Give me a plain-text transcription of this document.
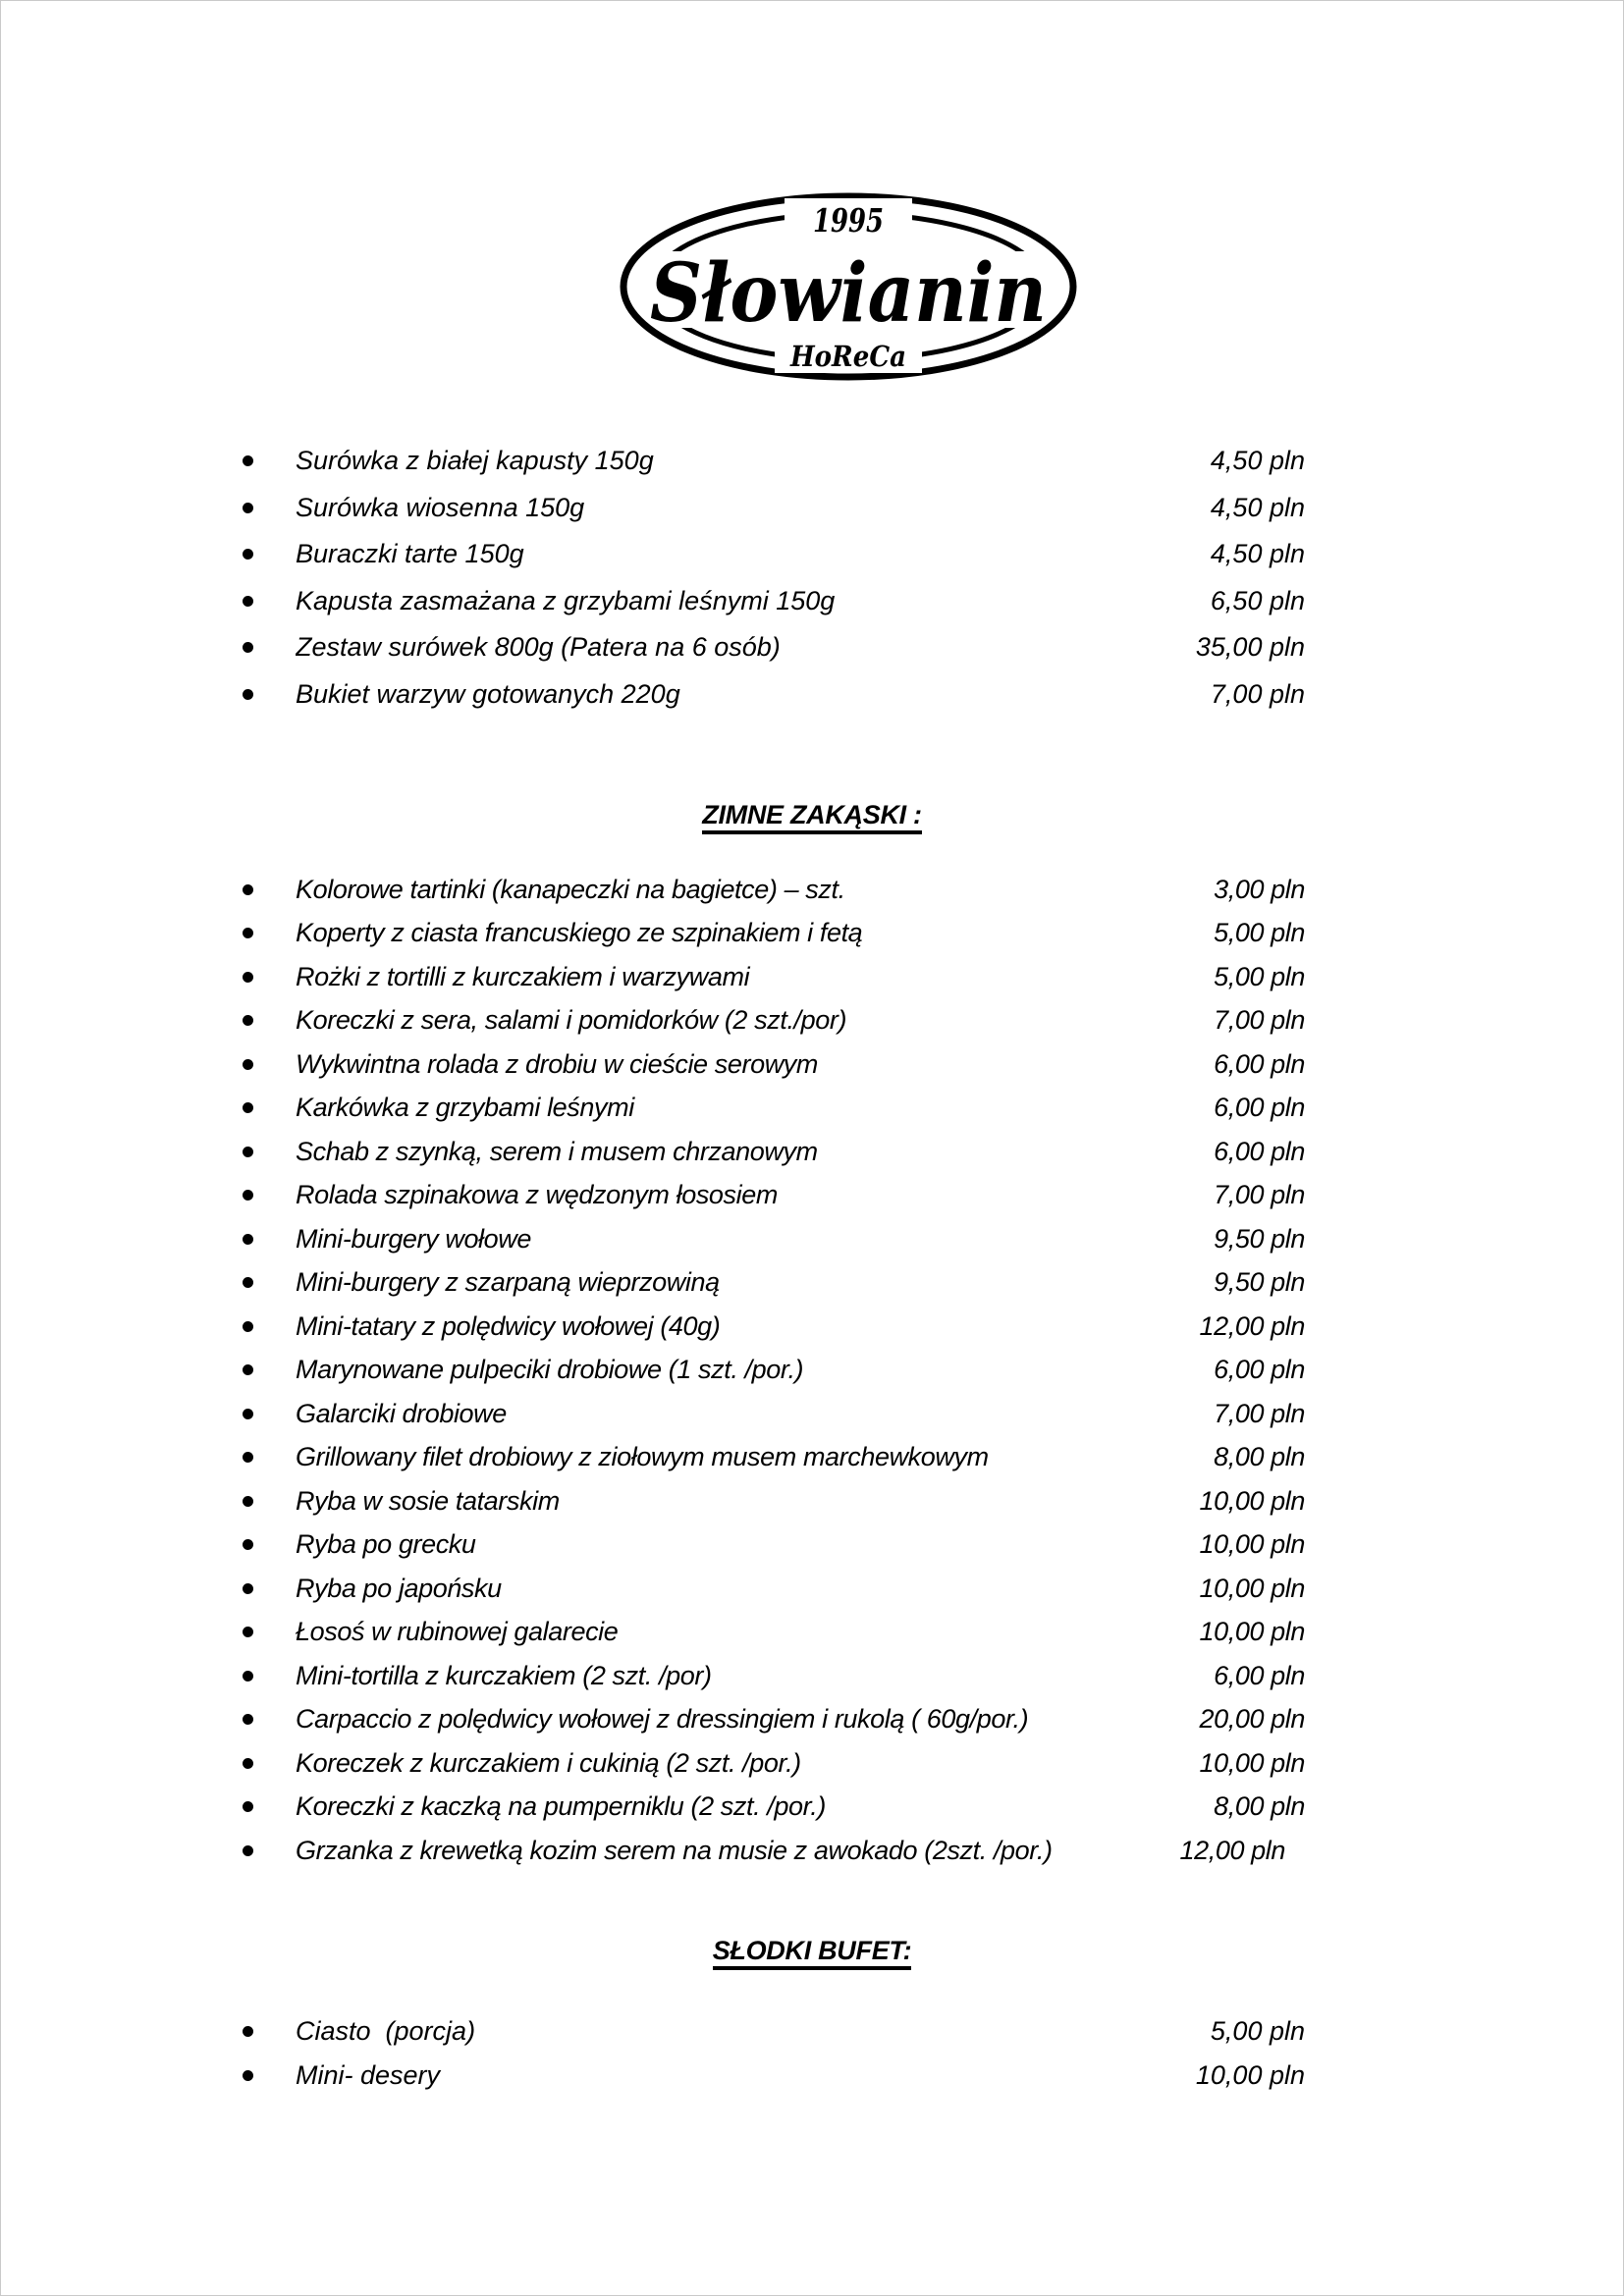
1995
Słowianin
HoReCa
Surówka z białej kapusty 150g	4,50 pln
Surówka wiosenna 150g	4,50 pln
Buraczki tarte 150g	4,50 pln
Kapusta zasmażana z grzybami leśnymi 150g	6,50 pln
Zestaw surówek 800g (Patera na 6 osób)	35,00 pln
Bukiet warzyw gotowanych 220g	7,00 pln
ZIMNE ZAKĄSKI :
Kolorowe tartinki (kanapeczki na bagietce) – szt.	3,00 pln
Koperty z ciasta francuskiego ze szpinakiem i fetą	5,00 pln
Rożki z tortilli z kurczakiem i warzywami	5,00 pln
Koreczki z sera, salami i pomidorków (2 szt./por)	7,00 pln
Wykwintna rolada z drobiu w cieście serowym	6,00 pln
Karkówka z grzybami leśnymi	6,00 pln
Schab z szynką, serem i musem chrzanowym	6,00 pln
Rolada szpinakowa z wędzonym łososiem	7,00 pln
Mini-burgery wołowe	9,50 pln
Mini-burgery z szarpaną wieprzowiną	9,50 pln
Mini-tatary z polędwicy wołowej (40g)	12,00 pln
Marynowane pulpeciki drobiowe (1 szt. /por.)	6,00 pln
Galarciki drobiowe	7,00 pln
Grillowany filet drobiowy z ziołowym musem marchewkowym	8,00 pln
Ryba w sosie tatarskim	10,00 pln
Ryba po grecku	10,00 pln
Ryba po japońsku	10,00 pln
Łosoś w rubinowej galarecie	10,00 pln
Mini-tortilla z kurczakiem (2 szt. /por)	6,00 pln
Carpaccio z polędwicy wołowej z dressingiem i rukolą ( 60g/por.)	20,00 pln
Koreczek z kurczakiem i cukinią (2 szt. /por.)	10,00 pln
Koreczki z kaczką na pumperniklu (2 szt. /por.)	8,00 pln
Grzanka z krewetką kozim serem na musie z awokado (2szt. /por.)	12,00 pln
SŁODKI BUFET:
Ciasto  (porcja)	5,00 pln
Mini- desery	10,00 pln
